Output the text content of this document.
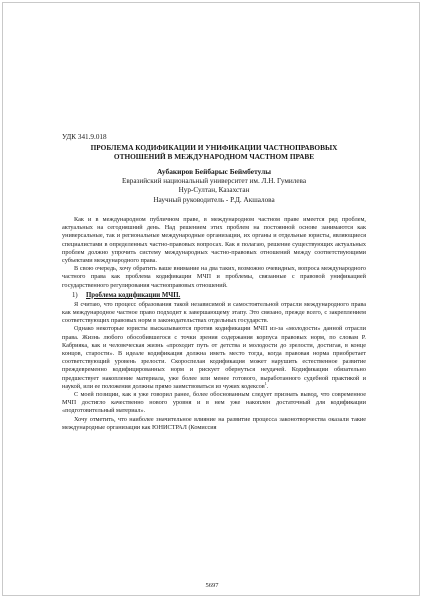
УДК 341.9.018
ПРОБЛЕМА КОДИФИКАЦИИ И УНИФИКАЦИИ ЧАСТНОПРАВОВЫХ
ОТНОШЕНИЙ В МЕЖДУНАРОДНОМ ЧАСТНОМ ПРАВЕ
Аубакиров Бейбарыс Беймбетулы
Евразийский национальный университет им. Л.Н. Гумилева
Нур-Султан, Казахстан
Научный руководитель - Р.Д. Акшалова

Как и в международном публичном праве, в международном частном праве имеется ряд проблем, актуальных на сегодняшний день. Над решением этих проблем на постоянной основе занимаются как универсальные, так и региональные международные организации, их органы и отдельные юристы, являющиеся специалистами в определенных частно-правовых вопросах. Как я полагаю, решение существующих актуальных проблем должно упрочить систему международных частно-правовых отношений между соответствующими субъектами международного права.

В свою очередь, хочу обратить ваше внимание на два таких, возможно очевидных, вопроса международного частного права как проблема кодификации МЧП и проблемы, связанные с правовой унификацией государственного регулирования частноправовых отношений.

1) Проблема кодификации МЧП.

Я считаю, что процесс образования такой независимой и самостоятельной отрасли международного права как международное частное право подходит к завершающему этапу. Это связано, прежде всего, с закреплением соответствующих правовых норм в законодательствах отдельных государств.

Однако некоторые юристы высказываются против кодификации МЧП из-за «молодости» данной отрасли права. Жизнь любого обособившегося с точки зрения содержания корпуса правовых норм, по словам Р. Кабрияка, как и человеческая жизнь «проходит путь от детства и молодости до зрелости, достигая, в конце концов, старости». В идеале кодификация должна иметь место тогда, когда правовая норма приобретает соответствующий уровень зрелости. Скороспелая кодификация может нарушить естественное развитие преждевременно кодифицированных норм и рискует обернуться неудачей. Кодификации обязательно предшествует накопление материала, уже более или менее готового, выработанного судебной практикой и наукой, или ее положения должны прямо заимствоваться из чужих кодексов$^1$.

С моей позиции, как я уже говорил ранее, более обоснованным следует признать вывод, что современное МЧП достигло качественно нового уровня и в нем уже накоплен достаточный для кодификации «подготовительный материал».

Хочу отметить, что наиболее значительное влияние на развитие процесса законотворчества оказали такие международные организации как ЮНИСТРАЛ (Комиссия

5697
